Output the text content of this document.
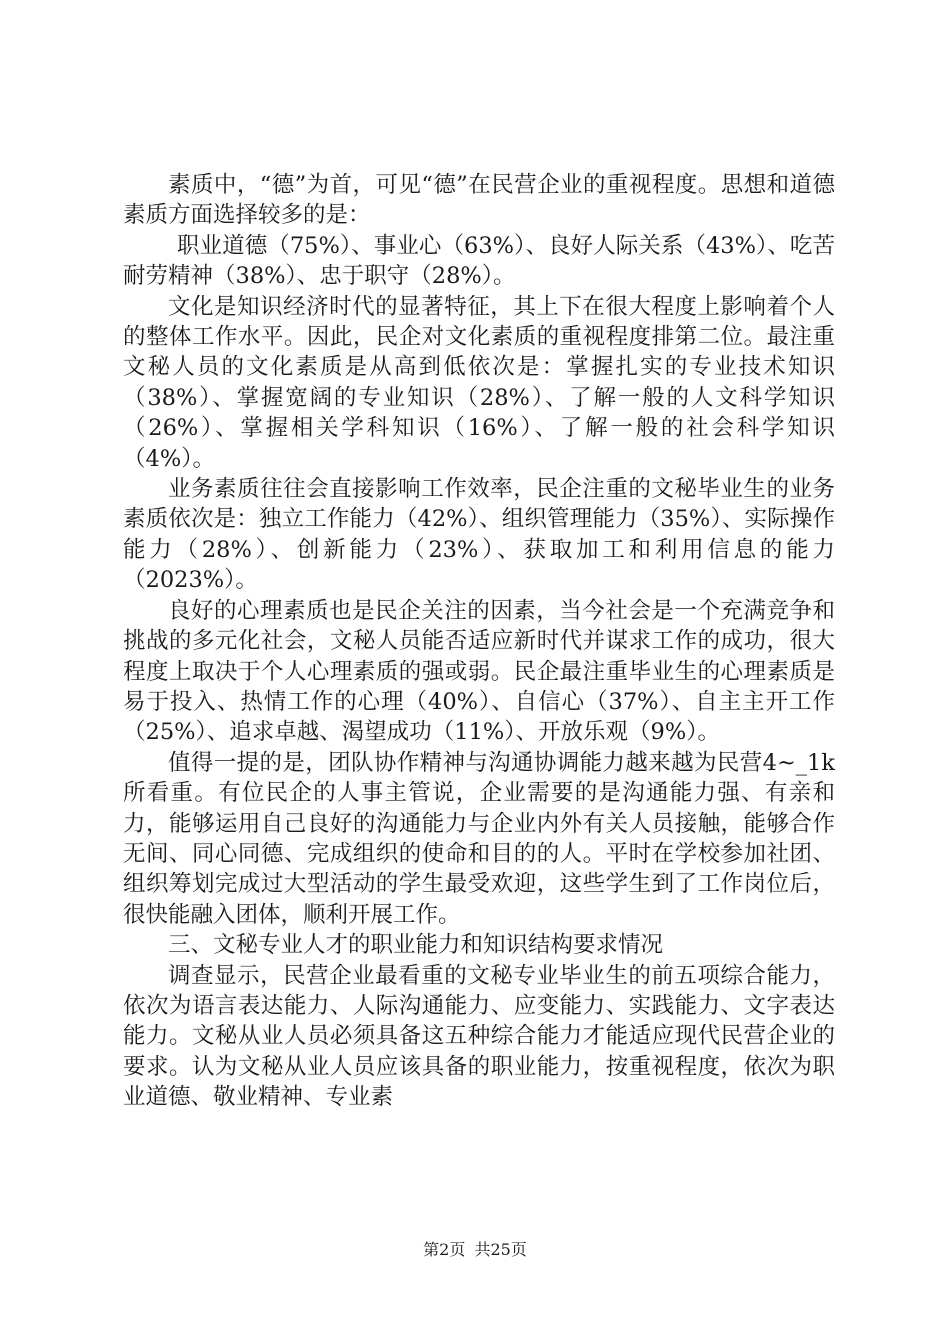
素质中，“德”为首，可见“德”在民营企业的重视程度。思想和道德素质方面选择较多的是：

职业道德（75%）、事业心（63%）、良好人际关系（43%）、吃苦耐劳精神（38%）、忠于职守（28%）。

文化是知识经济时代的显著特征，其上下在很大程度上影响着个人的整体工作水平。因此，民企对文化素质的重视程度排第二位。最注重文秘人员的文化素质是从高到低依次是：掌握扎实的专业技术知识（38%）、掌握宽阔的专业知识（28%）、了解一般的人文科学知识（26%）、掌握相关学科知识（16%）、了解一般的社会科学知识（4%）。

业务素质往往会直接影响工作效率，民企注重的文秘毕业生的业务素质依次是：独立工作能力（42%）、组织管理能力（35%）、实际操作能力（28%）、创新能力（23%）、获取加工和利用信息的能力（2023%）。

良好的心理素质也是民企关注的因素，当今社会是一个充满竞争和挑战的多元化社会，文秘人员能否适应新时代并谋求工作的成功，很大程度上取决于个人心理素质的强或弱。民企最注重毕业生的心理素质是易于投入、热情工作的心理（40%）、自信心（37%）、自主主开工作（25%）、追求卓越、渴望成功（11%）、开放乐观（9%）。

值得一提的是，团队协作精神与沟通协调能力越来越为民营4~_1k所看重。有位民企的人事主管说，企业需要的是沟通能力强、有亲和力，能够运用自己良好的沟通能力与企业内外有关人员接触，能够合作无间、同心同德、完成组织的使命和目的的人。平时在学校参加社团、组织筹划完成过大型活动的学生最受欢迎，这些学生到了工作岗位后，很快能融入团体，顺利开展工作。

三、文秘专业人才的职业能力和知识结构要求情况

调查显示，民营企业最看重的文秘专业毕业生的前五项综合能力，依次为语言表达能力、人际沟通能力、应变能力、实践能力、文字表达能力。文秘从业人员必须具备这五种综合能力才能适应现代民营企业的要求。认为文秘从业人员应该具备的职业能力，按重视程度，依次为职业道德、敬业精神、专业素

第2页 共25页
